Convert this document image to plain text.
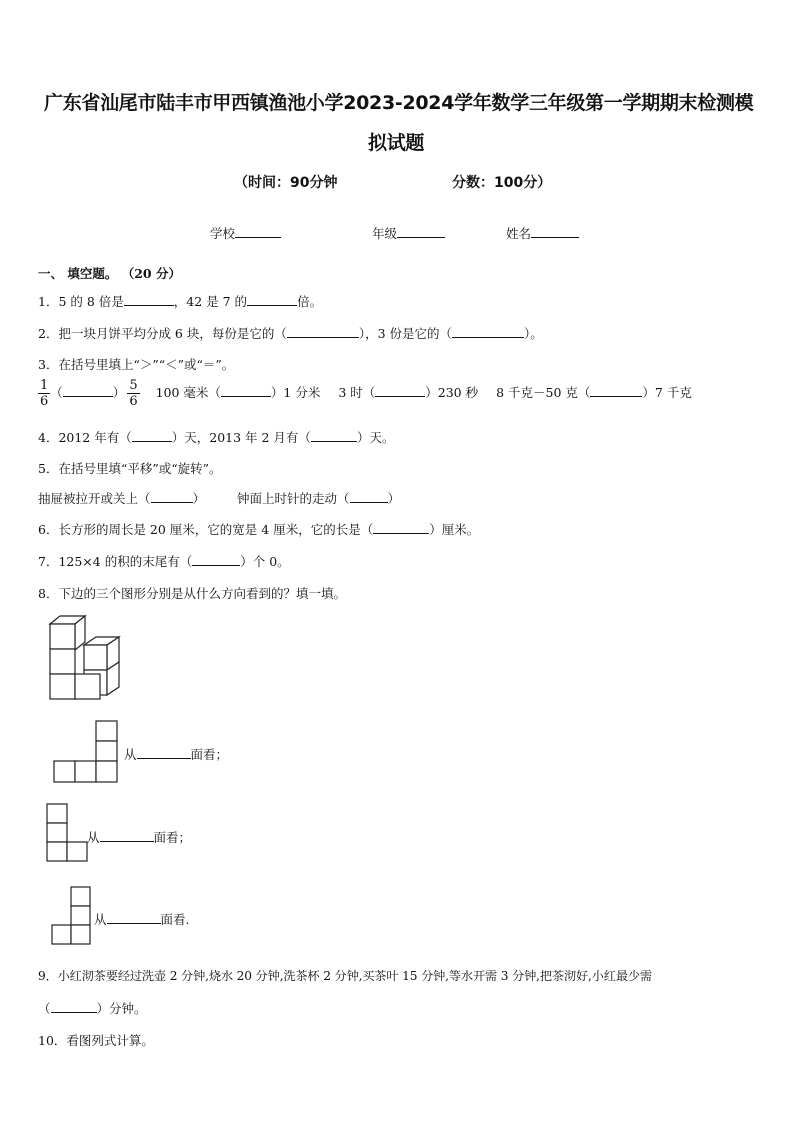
广东省汕尾市陆丰市甲西镇渔池小学2023-2024学年数学三年级第一学期期末检测模
拟试题
（时间：90分钟	分数：100分）
学校	年级	姓名
一、 填空题。 （20 分）
1．5 的 8 倍是	，42 是 7 的	倍。
2．把一块月饼平均分成 6 块，每份是它的（	），3 份是它的（	）。
3．在括号里填上“＞”“＜”或“＝”。
$\frac{1}{6}$ （	） $\frac{5}{6} 100$ 毫米（	）1 分米 3 时（	）230 秒 8 千克－50 克（	）7 千克
4．2012 年有（	）天，2013 年 2 月有（	）天。
5．在括号里填“平移”或“旋转”。
抽屉被拉开或关上（	）	钟面上时针的走动（	）
6．长方形的周长是 20 厘米，它的宽是 4 厘米，它的长是（	）厘米。
7．125×4 的积的末尾有（	）个 0。
8．下边的三个图形分别是从什么方向看到的？填一填。
从	面看；
从	面看；
从	面看.
9．小红沏茶要经过洗壶 2 分钟,烧水 20 分钟,洗茶杯 2 分钟,买茶叶 15 分钟,等水开需 3 分钟,把茶沏好,小红最少需
（	）分钟。
10．看图列式计算。
